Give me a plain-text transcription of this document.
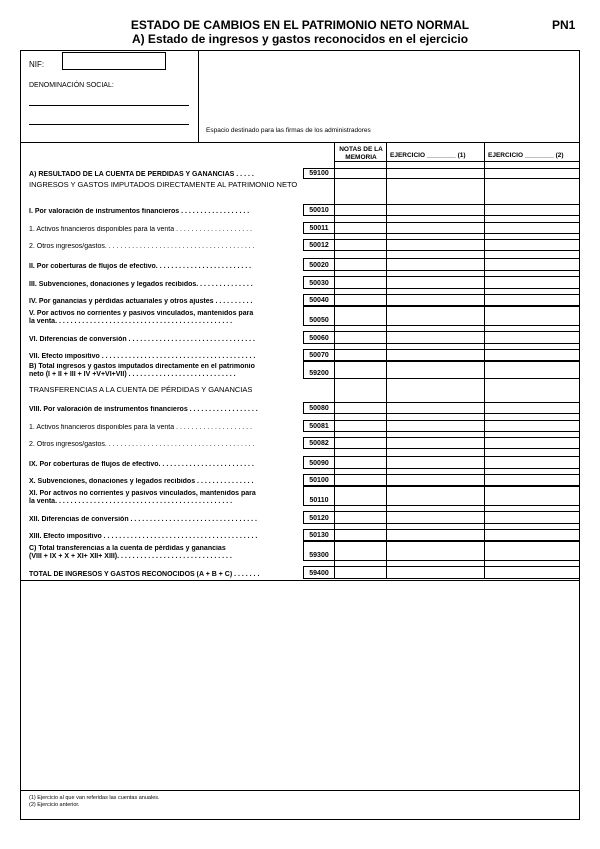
ESTADO DE CAMBIOS EN EL PATRIMONIO NETO NORMAL
A) Estado de ingresos y gastos reconocidos en el ejercicio
PN1
NIF:
DENOMINACIÓN SOCIAL:
Espacio destinado para las firmas de los administradores
NOTAS DE LA MEMORIA	EJERCICIO ________ (1)	EJERCICIO ________ (2)
A) RESULTADO DE LA CUENTA DE PÉRDIDAS Y GANANCIAS . . . . .	59100
INGRESOS Y GASTOS IMPUTADOS DIRECTAMENTE AL PATRIMONIO NETO
I. Por valoración de instrumentos financieros . . . . . . . . . . . . . . . . . .	50010
1. Activos financieros disponibles para la venta . . . . . . . . . . . . . . . . . . . .	50011
2. Otros ingresos/gastos. . . . . . . . . . . . . . . . . . . . . . . . . . . . . . . . . . . . . . .	50012
II. Por coberturas de flujos de efectivo. . . . . . . . . . . . . . . . . . . . . . . . .	50020
III. Subvenciones, donaciones y legados recibidos. . . . . . . . . . . . . . .	50030
IV. Por ganancias y pérdidas actuariales y otros ajustes . . . . . . . . . .	50040
V. Por activos no corrientes y pasivos vinculados, mantenidos para
la venta. . . . . . . . . . . . . . . . . . . . . . . . . . . . . . . . . . . . . . . . . . . . . .	50050
VI. Diferencias de conversión . . . . . . . . . . . . . . . . . . . . . . . . . . . . . . . . .	50060
VII. Efecto impositivo . . . . . . . . . . . . . . . . . . . . . . . . . . . . . . . . . . . . . . . .	50070
B) Total ingresos y gastos imputados directamente en el patrimonio
neto (I + II + III + IV +V+VI+VII) . . . . . . . . . . . . . . . . . . . . . . . . . . . .	59200
TRANSFERENCIAS A LA CUENTA DE PÉRDIDAS Y GANANCIAS
VIII. Por valoración de instrumentos financieros . . . . . . . . . . . . . . . . . .	50080
1. Activos financieros disponibles para la venta . . . . . . . . . . . . . . . . . . . .	50081
2. Otros ingresos/gastos. . . . . . . . . . . . . . . . . . . . . . . . . . . . . . . . . . . . . . .	50082
IX. Por coberturas de flujos de efectivo. . . . . . . . . . . . . . . . . . . . . . . . .	50090
X. Subvenciones, donaciones y legados recibidos . . . . . . . . . . . . . . .	50100
XI. Por activos no corrientes y pasivos vinculados, mantenidos para
la venta. . . . . . . . . . . . . . . . . . . . . . . . . . . . . . . . . . . . . . . . . . . . . .	50110
XII. Diferencias de conversión . . . . . . . . . . . . . . . . . . . . . . . . . . . . . . . . .	50120
XIII. Efecto impositivo . . . . . . . . . . . . . . . . . . . . . . . . . . . . . . . . . . . . . . . .	50130
C) Total transferencias a la cuenta de pérdidas y ganancias
(VIII + IX + X + XI+ XII+ XIII). . . . . . . . . . . . . . . . . . . . . . . . . . . . . .	59300
TOTAL DE INGRESOS Y GASTOS RECONOCIDOS (A + B + C) . . . . . . .	59400
(1) Ejercicio al que van referidas las cuentas anuales.
(2) Ejercicio anterior.
